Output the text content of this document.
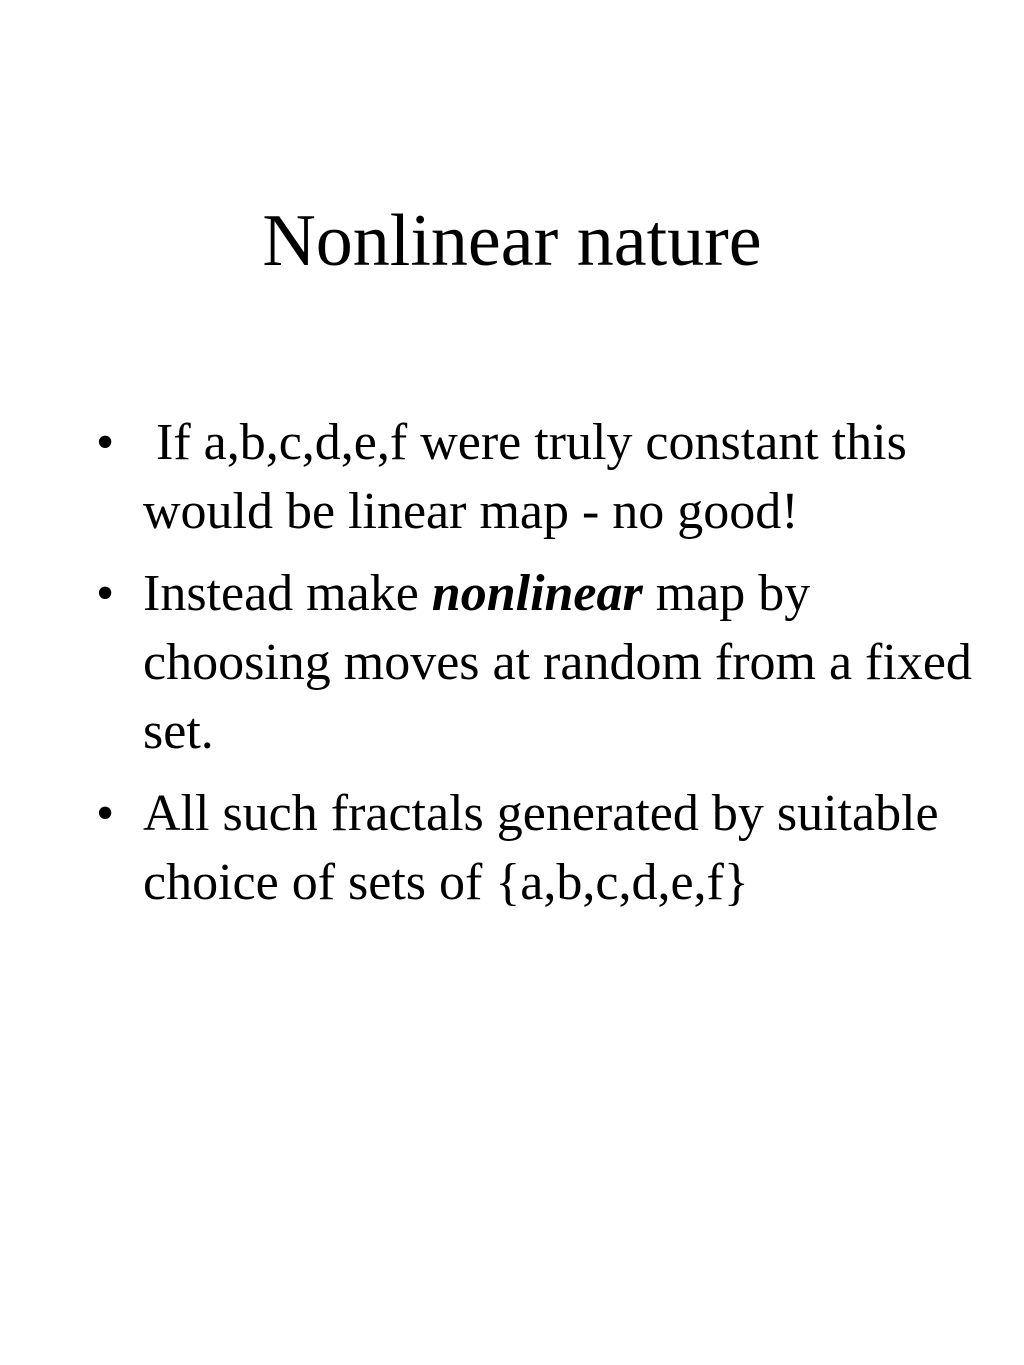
Nonlinear nature
• If a,b,c,d,e,f were truly constant this would be linear map - no good!
• Instead make nonlinear map by choosing moves at random from a fixed set.
• All such fractals generated by suitable choice of sets of {a,b,c,d,e,f}
